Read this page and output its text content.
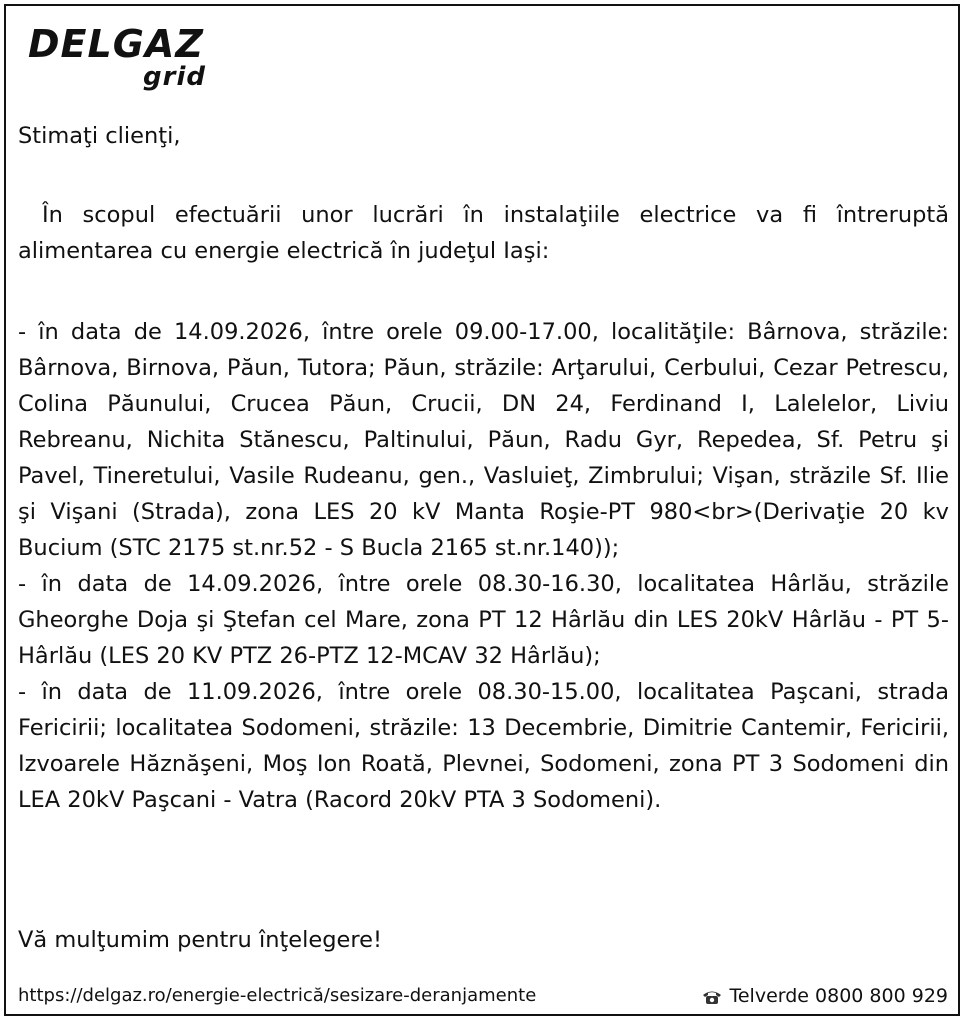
DELGAZ
grid

Stimaţi clienţi,

În scopul efectuării unor lucrări în instalaţiile electrice va fi întreruptă alimentarea cu energie electrică în judeţul Iaşi:

- în data de 14.09.2026, între orele 09.00-17.00, localităţile: Bârnova, străzile: Bârnova, Birnova, Păun, Tutora; Păun, străzile: Arţarului, Cerbului, Cezar Petrescu, Colina Păunului, Crucea Păun, Crucii, DN 24, Ferdinand I, Lalelelor, Liviu Rebreanu, Nichita Stănescu, Paltinului, Păun, Radu Gyr, Repedea, Sf. Petru şi Pavel, Tineretului, Vasile Rudeanu, gen., Vasluieţ, Zimbrului; Vişan, străzile Sf. Ilie şi Vişani (Strada), zona LES 20 kV Manta Roşie-PT 980<br>(Derivaţie 20 kv Bucium (STC 2175 st.nr.52 - S Bucla 2165 st.nr.140));

- în data de 14.09.2026, între orele 08.30-16.30, localitatea Hârlău, străzile Gheorghe Doja şi Ştefan cel Mare, zona PT 12 Hârlău din LES 20kV Hârlău - PT 5-Hârlău (LES 20 KV PTZ 26-PTZ 12-MCAV 32 Hârlău);

- în data de 11.09.2026, între orele 08.30-15.00, localitatea Paşcani, strada Fericirii; localitatea Sodomeni, străzile: 13 Decembrie, Dimitrie Cantemir, Fericirii, Izvoarele Hăznăşeni, Moş Ion Roată, Plevnei, Sodomeni, zona PT 3 Sodomeni din LEA 20kV Paşcani - Vatra (Racord 20kV PTA 3 Sodomeni).

Vă mulţumim pentru înţelegere!

https://delgaz.ro/energie-electrică/sesizare-deranjamente	Telverde 0800 800 929
